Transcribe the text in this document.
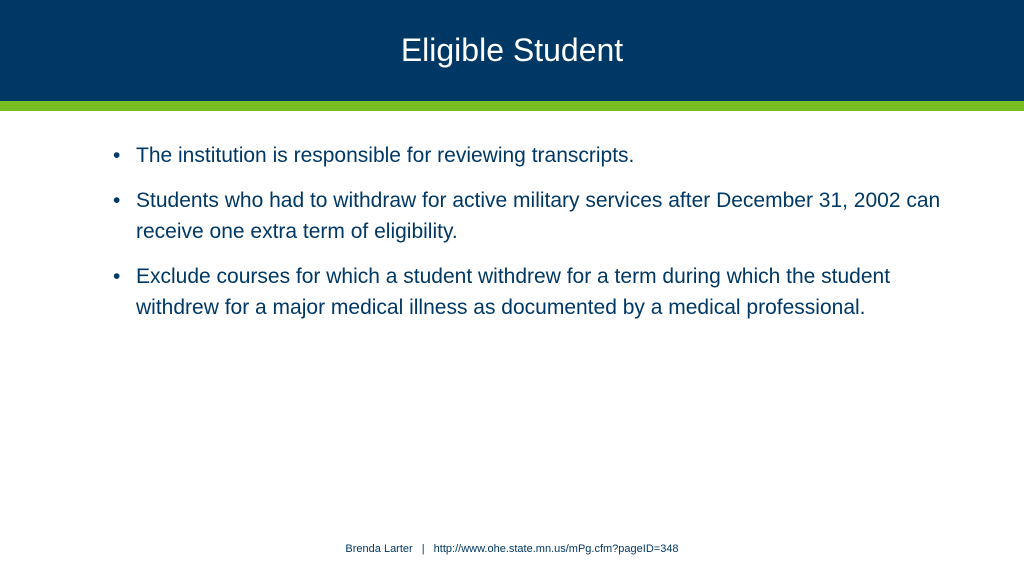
Eligible Student
• The institution is responsible for reviewing transcripts.
• Students who had to withdraw for active military services after December 31, 2002 can receive one extra term of eligibility.
• Exclude courses for which a student withdrew for a term during which the student withdrew for a major medical illness as documented by a medical professional.
Brenda Larter | http://www.ohe.state.mn.us/mPg.cfm?pageID=348
